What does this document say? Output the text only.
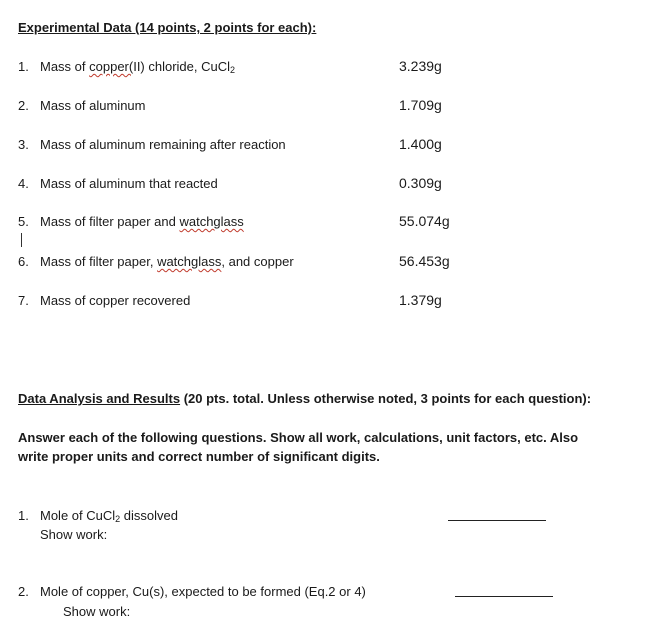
Experimental Data (14 points, 2 points for each):
1. Mass of copper(II) chloride, CuCl$_2$	3.239g
2. Mass of aluminum	1.709g
3. Mass of aluminum remaining after reaction	1.400g
4. Mass of aluminum that reacted	0.309g
5. Mass of filter paper and watchglass	55.074g
6. Mass of filter paper, watchglass, and copper	56.453g
7. Mass of copper recovered	1.379g
Data Analysis and Results (20 pts. total. Unless otherwise noted, 3 points for each question):
Answer each of the following questions. Show all work, calculations, unit factors, etc. Also
write proper units and correct number of significant digits.
1. Mole of CuCl$_2$ dissolved
Show work:
2. Mole of copper, Cu(s), expected to be formed (Eq.2 or 4)
Show work:
